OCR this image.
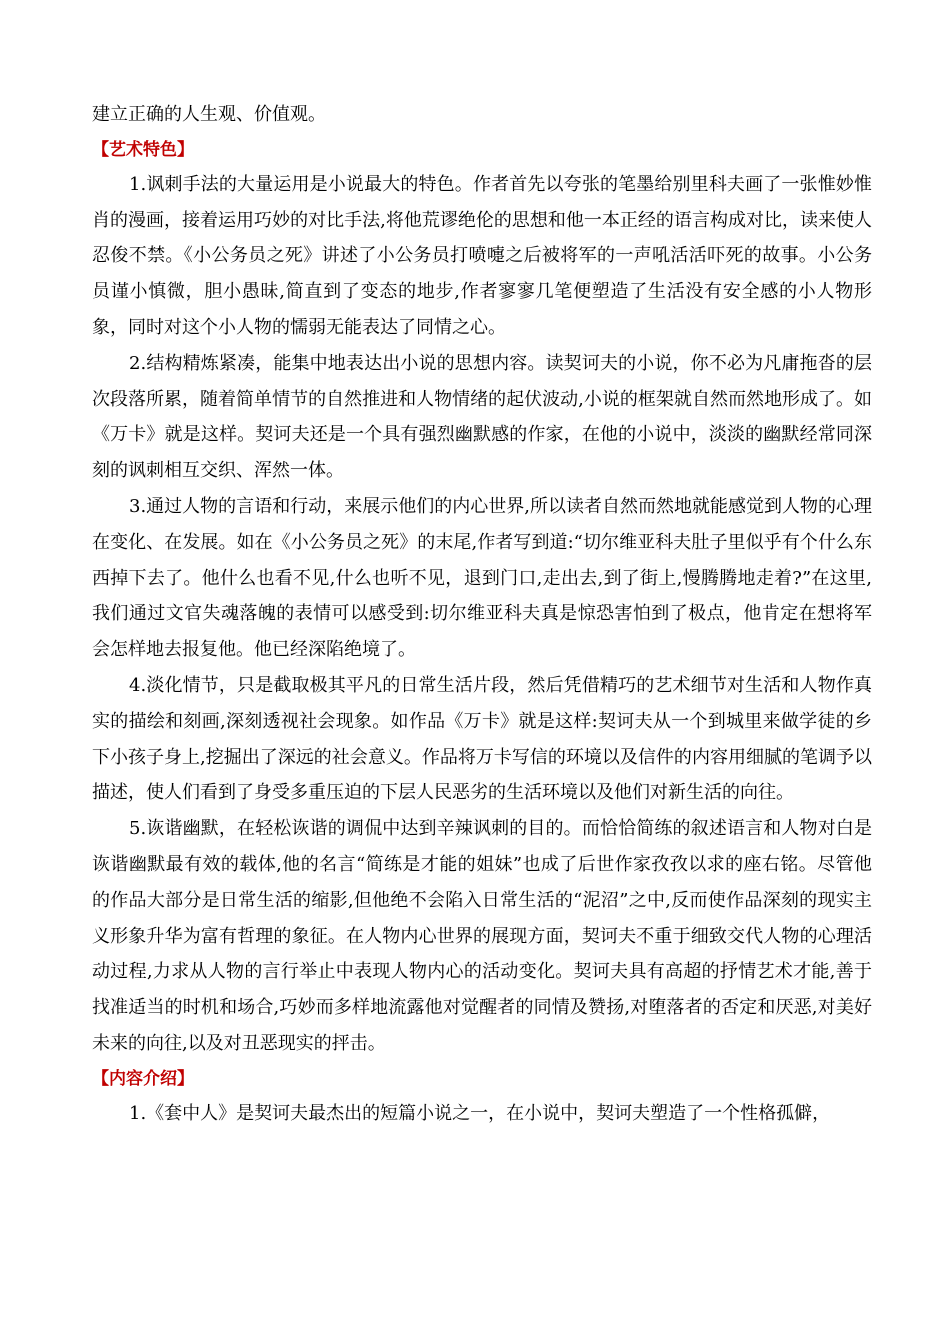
建立正确的人生观、价值观。

【艺术特色】

1.讽刺手法的大量运用是小说最大的特色。作者首先以夸张的笔墨给别里科夫画了一张惟妙惟肖的漫画，接着运用巧妙的对比手法,将他荒谬绝伦的思想和他一本正经的语言构成对比，读来使人忍俊不禁。《小公务员之死》讲述了小公务员打喷嚏之后被将军的一声吼活活吓死的故事。小公务员谨小慎微，胆小愚昧,简直到了变态的地步,作者寥寥几笔便塑造了生活没有安全感的小人物形象，同时对这个小人物的懦弱无能表达了同情之心。

2.结构精炼紧凑，能集中地表达出小说的思想内容。读契诃夫的小说，你不必为凡庸拖沓的层次段落所累，随着简单情节的自然推进和人物情绪的起伏波动,小说的框架就自然而然地形成了。如《万卡》就是这样。契诃夫还是一个具有强烈幽默感的作家，在他的小说中，淡淡的幽默经常同深刻的讽刺相互交织、浑然一体。

3.通过人物的言语和行动，来展示他们的内心世界,所以读者自然而然地就能感觉到人物的心理在变化、在发展。如在《小公务员之死》的末尾,作者写到道:“切尔维亚科夫肚子里似乎有个什么东西掉下去了。他什么也看不见,什么也听不见，退到门口,走出去,到了街上,慢腾腾地走着?”在这里,我们通过文官失魂落魄的表情可以感受到:切尔维亚科夫真是惊恐害怕到了极点，他肯定在想将军会怎样地去报复他。他已经深陷绝境了。

4.淡化情节，只是截取极其平凡的日常生活片段，然后凭借精巧的艺术细节对生活和人物作真实的描绘和刻画,深刻透视社会现象。如作品《万卡》就是这样:契诃夫从一个到城里来做学徒的乡下小孩子身上,挖掘出了深远的社会意义。作品将万卡写信的环境以及信件的内容用细腻的笔调予以描述，使人们看到了身受多重压迫的下层人民恶劣的生活环境以及他们对新生活的向往。

5.诙谐幽默，在轻松诙谐的调侃中达到辛辣讽刺的目的。而恰恰简练的叙述语言和人物对白是诙谐幽默最有效的载体,他的名言“简练是才能的姐妹”也成了后世作家孜孜以求的座右铭。尽管他的作品大部分是日常生活的缩影,但他绝不会陷入日常生活的“泥沼”之中,反而使作品深刻的现实主义形象升华为富有哲理的象征。在人物内心世界的展现方面，契诃夫不重于细致交代人物的心理活动过程,力求从人物的言行举止中表现人物内心的活动变化。契诃夫具有高超的抒情艺术才能,善于找准适当的时机和场合,巧妙而多样地流露他对觉醒者的同情及赞扬,对堕落者的否定和厌恶,对美好未来的向往,以及对丑恶现实的抨击。

【内容介绍】

1.《套中人》是契诃夫最杰出的短篇小说之一，在小说中，契诃夫塑造了一个性格孤僻，
